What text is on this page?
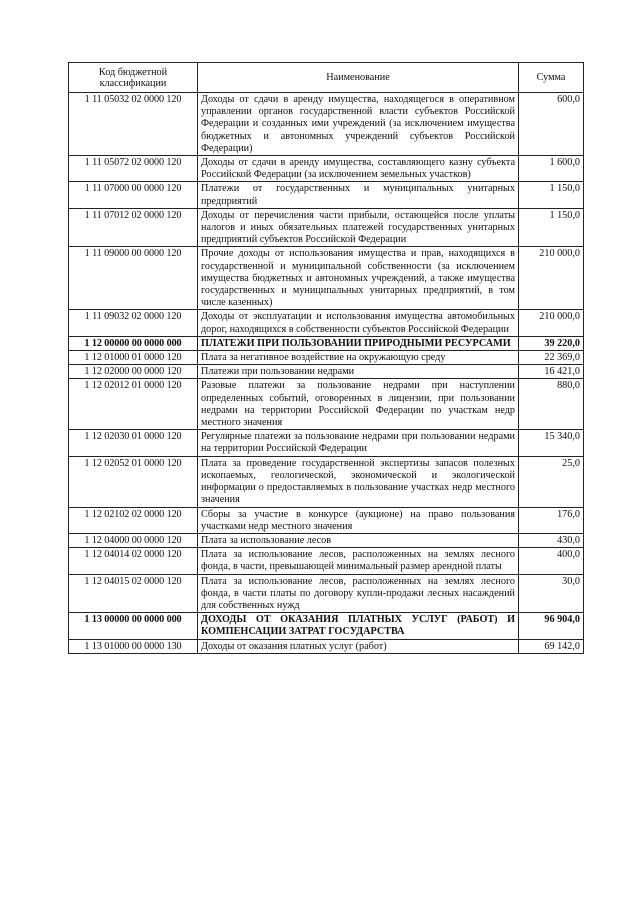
Код бюджетной классификации	Наименование	Сумма
1 11 05032 02 0000 120	Доходы от сдачи в аренду имущества, находящегося в оперативном управлении органов государственной власти субъектов Российской Федерации и созданных ими учреждений (за исключением имущества бюджетных и автономных учреждений субъектов Российской Федерации)	600,0
1 11 05072 02 0000 120	Доходы от сдачи в аренду имущества, составляющего казну субъекта Российской Федерации (за исключением земельных участков)	1 600,0
1 11 07000 00 0000 120	Платежи от государственных и муниципальных унитарных предприятий	1 150,0
1 11 07012 02 0000 120	Доходы от перечисления части прибыли, остающейся после уплаты налогов и иных обязательных платежей государственных унитарных предприятий субъектов Российской Федерации	1 150,0
1 11 09000 00 0000 120	Прочие доходы от использования имущества и прав, находящихся в государственной и муниципальной собственности (за исключением имущества бюджетных и автономных учреждений, а также имущества государственных и муниципальных унитарных предприятий, в том числе казенных)	210 000,0
1 11 09032 02 0000 120	Доходы от эксплуатации и использования имущества автомобильных дорог, находящихся в собственности субъектов Российской Федерации	210 000,0
1 12 00000 00 0000 000	ПЛАТЕЖИ ПРИ ПОЛЬЗОВАНИИ ПРИРОДНЫМИ РЕСУРСАМИ	39 220,0
1 12 01000 01 0000 120	Плата за негативное воздействие на окружающую среду	22 369,0
1 12 02000 00 0000 120	Платежи при пользовании недрами	16 421,0
1 12 02012 01 0000 120	Разовые платежи за пользование недрами при наступлении определенных событий, оговоренных в лицензии, при пользовании недрами на территории Российской Федерации по участкам недр местного значения	880,0
1 12 02030 01 0000 120	Регулярные платежи за пользование недрами при пользовании недрами на территории Российской Федерации	15 340,0
1 12 02052 01 0000 120	Плата за проведение государственной экспертизы запасов полезных ископаемых, геологической, экономической и экологической информации о предоставляемых в пользование участках недр местного значения	25,0
1 12 02102 02 0000 120	Сборы за участие в конкурсе (аукционе) на право пользования участками недр местного значения	176,0
1 12 04000 00 0000 120	Плата за использование лесов	430,0
1 12 04014 02 0000 120	Плата за использование лесов, расположенных на землях лесного фонда, в части, превышающей минимальный размер арендной платы	400,0
1 12 04015 02 0000 120	Плата за использование лесов, расположенных на землях лесного фонда, в части платы по договору купли-продажи лесных насаждений для собственных нужд	30,0
1 13 00000 00 0000 000	ДОХОДЫ ОТ ОКАЗАНИЯ ПЛАТНЫХ УСЛУГ (РАБОТ) И КОМПЕНСАЦИИ ЗАТРАТ ГОСУДАРСТВА	96 904,0
1 13 01000 00 0000 130	Доходы от оказания платных услуг (работ)	69 142,0
